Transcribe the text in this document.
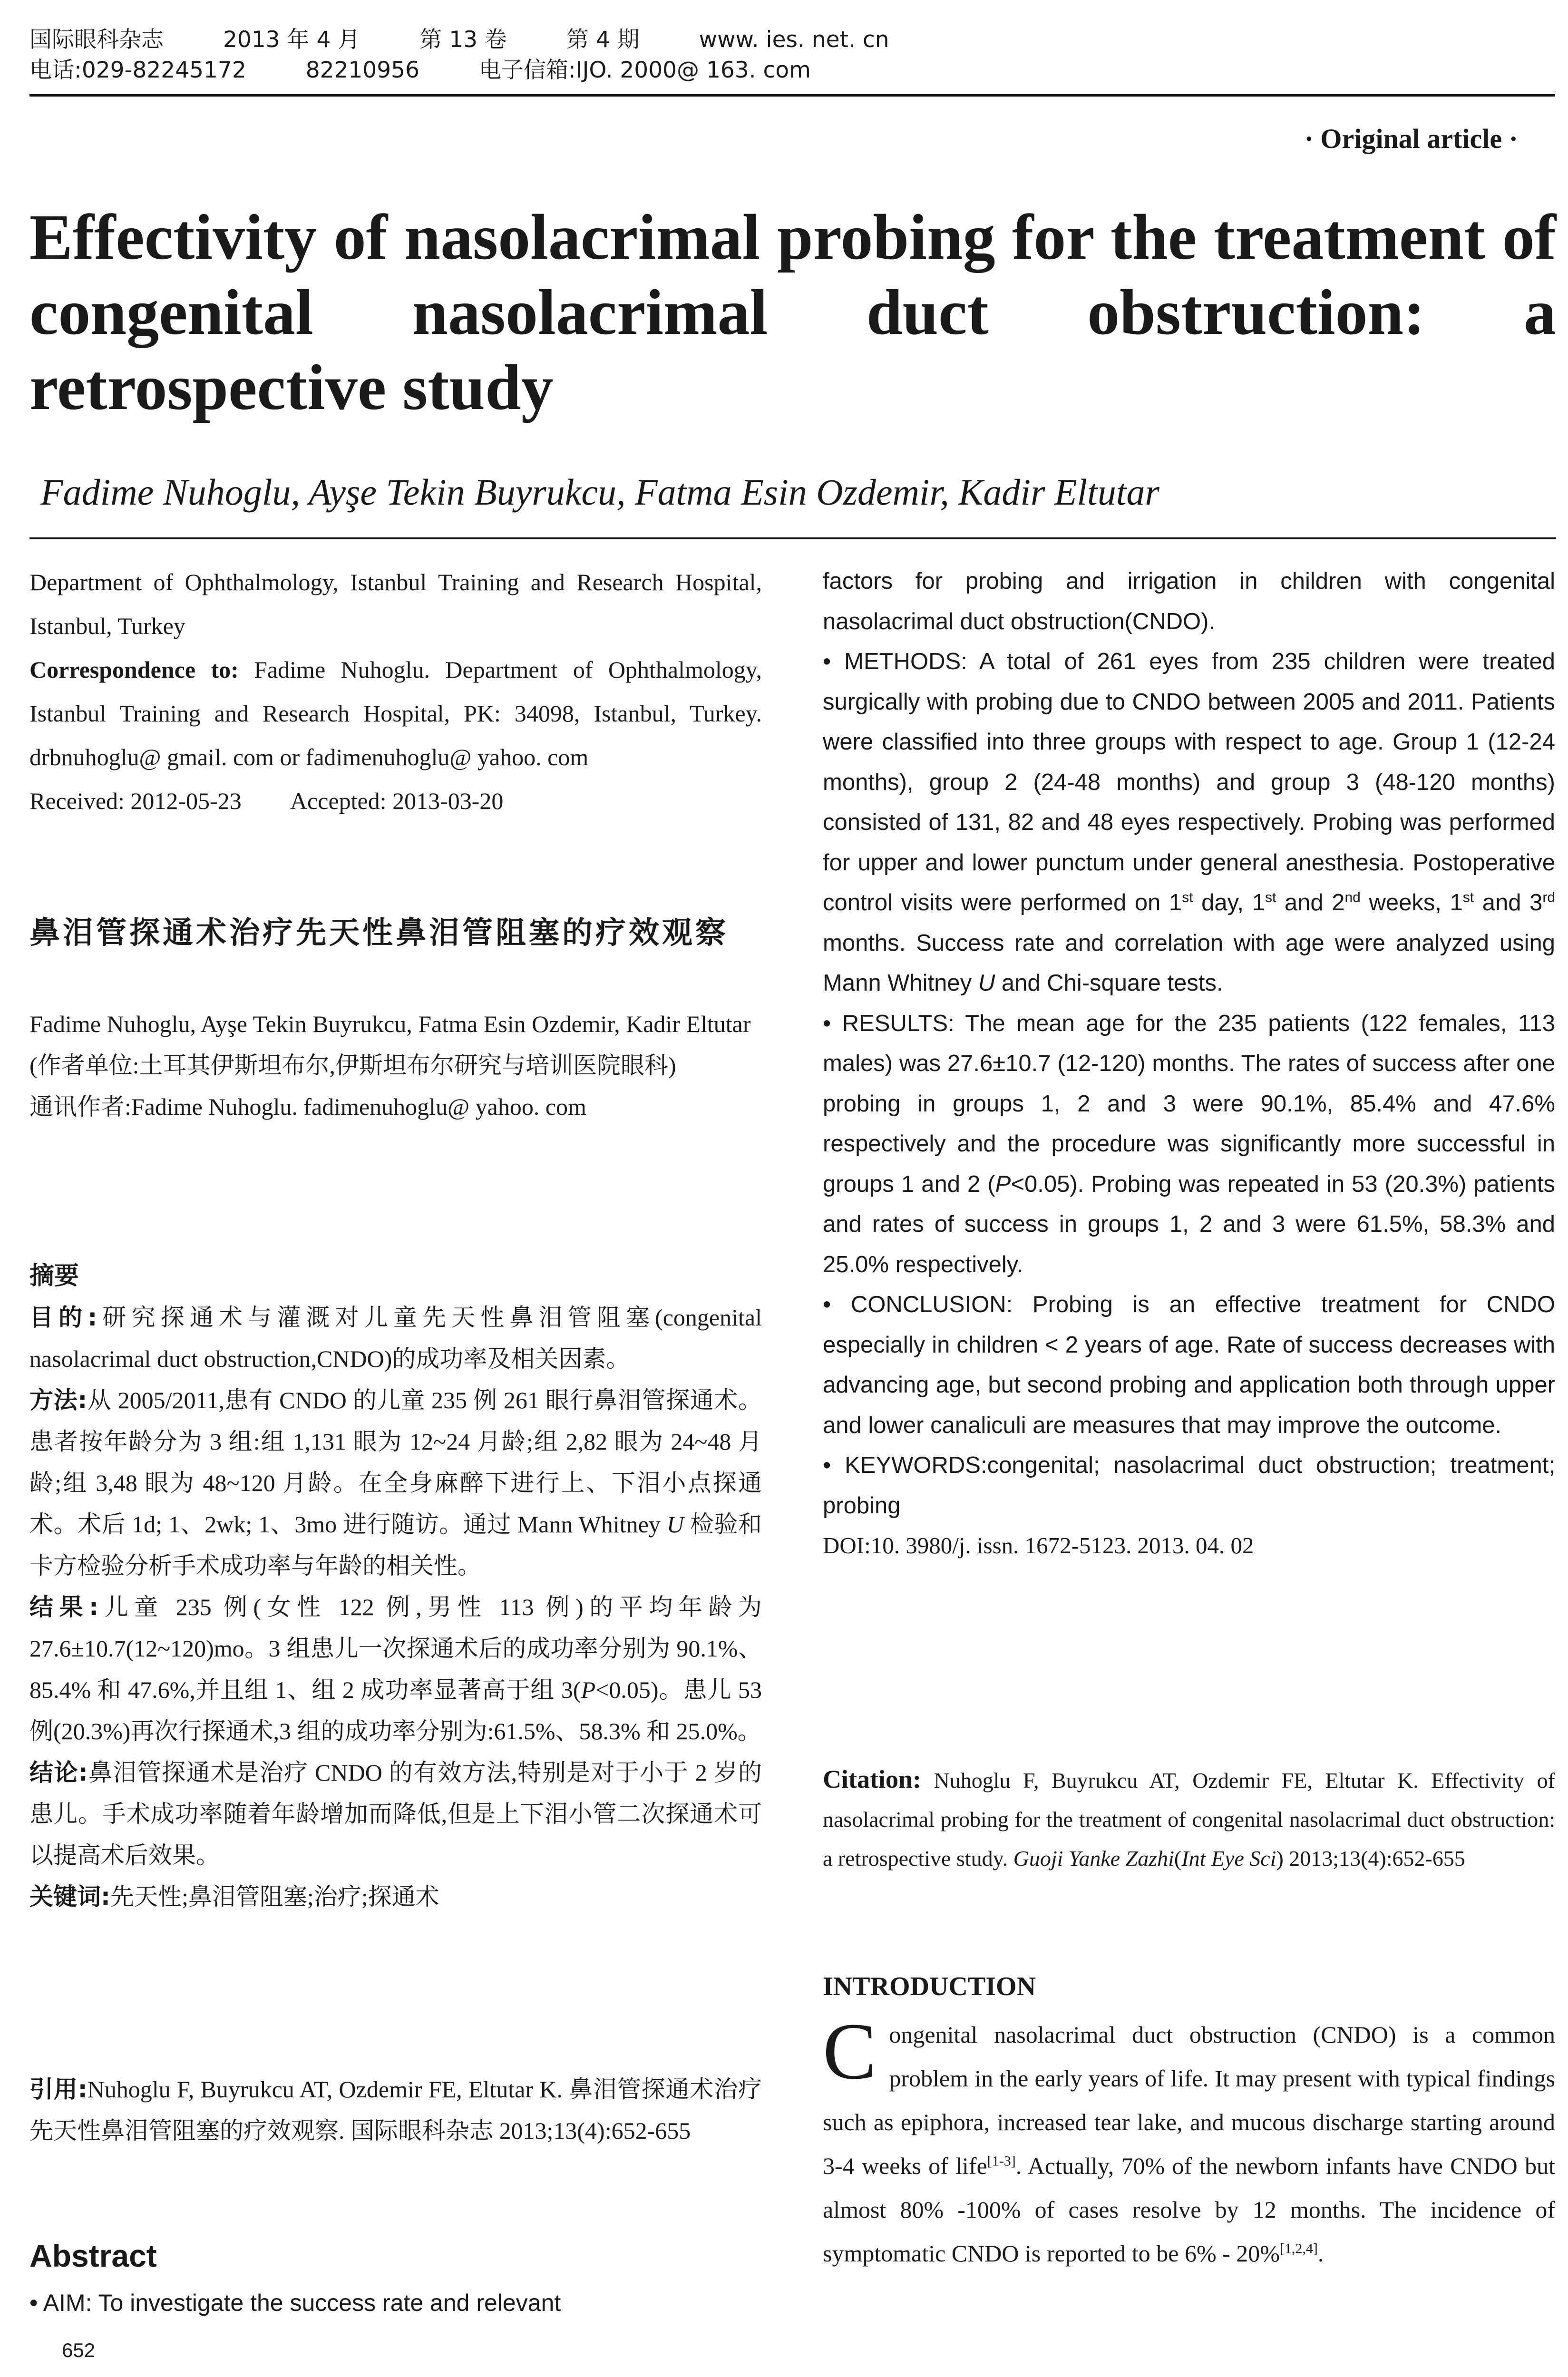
国际眼科杂志	2013 年 4 月	第 13 卷	第 4 期	www. ies. net. cn
电话:029-82245172	82210956	电子信箱:IJO. 2000@ 163. com
· Original article ·
Effectivity of nasolacrimal probing for the treatment of congenital nasolacrimal duct obstruction: a retrospective study
Fadime Nuhoglu, Ayşe Tekin Buyrukcu, Fatma Esin Ozdemir, Kadir Eltutar
Department of Ophthalmology, Istanbul Training and Research Hospital, Istanbul, Turkey
Correspondence to: Fadime Nuhoglu. Department of Ophthalmology, Istanbul Training and Research Hospital, PK: 34098, Istanbul, Turkey. drbnuhoglu@ gmail. com or fadimenuhoglu@ yahoo. com
Received: 2012-05-23 Accepted: 2013-03-20
鼻泪管探通术治疗先天性鼻泪管阻塞的疗效观察
Fadime Nuhoglu, Ayşe Tekin Buyrukcu, Fatma Esin Ozdemir, Kadir Eltutar
(作者单位:土耳其伊斯坦布尔,伊斯坦布尔研究与培训医院眼科)
通讯作者:Fadime Nuhoglu. fadimenuhoglu@ yahoo. com
摘要
目的:研究探通术与灌溉对儿童先天性鼻泪管阻塞(congenital nasolacrimal duct obstruction,CNDO)的成功率及相关因素。
方法:从 2005/2011,患有 CNDO 的儿童 235 例 261 眼行鼻泪管探通术。患者按年龄分为 3 组:组 1,131 眼为 12~24 月龄;组 2,82 眼为 24~48 月龄;组 3,48 眼为 48~120 月龄。在全身麻醉下进行上、下泪小点探通术。术后 1d; 1、2wk; 1、3mo 进行随访。通过 Mann Whitney U 检验和卡方检验分析手术成功率与年龄的相关性。
结果:儿童 235 例(女性 122 例,男性 113 例)的平均年龄为 27.6±10.7(12~120)mo。3 组患儿一次探通术后的成功率分别为 90.1%、85.4% 和 47.6%,并且组 1、组 2 成功率显著高于组 3(P<0.05)。患儿 53 例(20.3%)再次行探通术,3 组的成功率分别为:61.5%、58.3% 和 25.0%。
结论:鼻泪管探通术是治疗 CNDO 的有效方法,特别是对于小于 2 岁的患儿。手术成功率随着年龄增加而降低,但是上下泪小管二次探通术可以提高术后效果。
关键词:先天性;鼻泪管阻塞;治疗;探通术
引用:Nuhoglu F, Buyrukcu AT, Ozdemir FE, Eltutar K. 鼻泪管探通术治疗先天性鼻泪管阻塞的疗效观察. 国际眼科杂志 2013;13(4):652-655
Abstract
• AIM: To investigate the success rate and relevant
factors for probing and irrigation in children with congenital nasolacrimal duct obstruction(CNDO).
• METHODS: A total of 261 eyes from 235 children were treated surgically with probing due to CNDO between 2005 and 2011. Patients were classified into three groups with respect to age. Group 1 (12-24 months), group 2 (24-48 months) and group 3 (48-120 months) consisted of 131, 82 and 48 eyes respectively. Probing was performed for upper and lower punctum under general anesthesia. Postoperative control visits were performed on 1st day, 1st and 2nd weeks, 1st and 3rd months. Success rate and correlation with age were analyzed using Mann Whitney U and Chi-square tests.
• RESULTS: The mean age for the 235 patients (122 females, 113 males) was 27.6±10.7 (12-120) months. The rates of success after one probing in groups 1, 2 and 3 were 90.1%, 85.4% and 47.6% respectively and the procedure was significantly more successful in groups 1 and 2 (P<0.05). Probing was repeated in 53 (20.3%) patients and rates of success in groups 1, 2 and 3 were 61.5%, 58.3% and 25.0% respectively.
• CONCLUSION: Probing is an effective treatment for CNDO especially in children < 2 years of age. Rate of success decreases with advancing age, but second probing and application both through upper and lower canaliculi are measures that may improve the outcome.
• KEYWORDS:congenital; nasolacrimal duct obstruction; treatment; probing
DOI:10. 3980/j. issn. 1672-5123. 2013. 04. 02
Citation: Nuhoglu F, Buyrukcu AT, Ozdemir FE, Eltutar K. Effectivity of nasolacrimal probing for the treatment of congenital nasolacrimal duct obstruction: a retrospective study. Guoji Yanke Zazhi(Int Eye Sci) 2013;13(4):652-655
INTRODUCTION
Congenital nasolacrimal duct obstruction (CNDO) is a common problem in the early years of life. It may present with typical findings such as epiphora, increased tear lake, and mucous discharge starting around 3-4 weeks of life[1-3]. Actually, 70% of the newborn infants have CNDO but almost 80% -100% of cases resolve by 12 months. The incidence of symptomatic CNDO is reported to be 6% - 20%[1,2,4].
652
